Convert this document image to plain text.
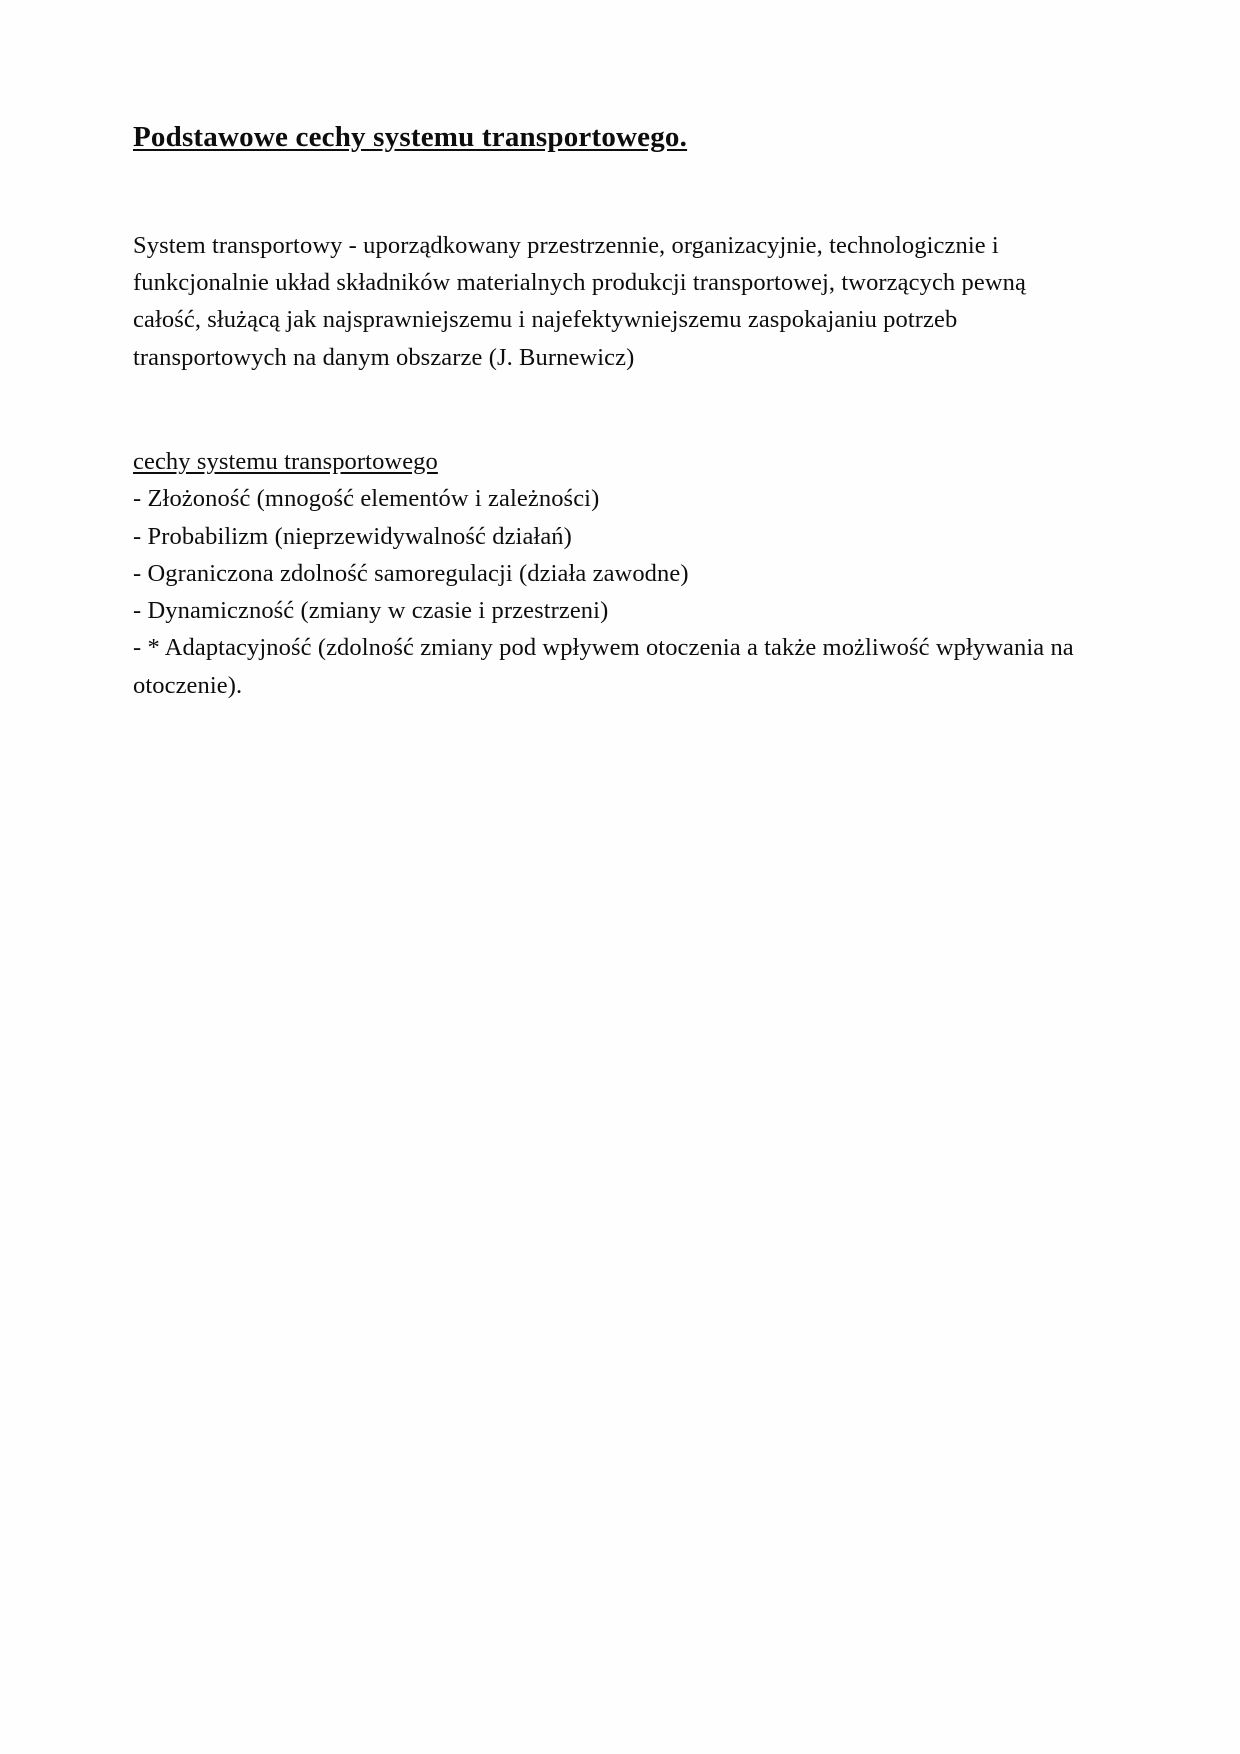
Podstawowe cechy systemu transportowego.

System transportowy - uporządkowany przestrzennie, organizacyjnie, technologicznie i funkcjonalnie układ składników materialnych produkcji transportowej, tworzących pewną całość, służącą jak najsprawniejszemu i najefektywniejszemu zaspokajaniu potrzeb transportowych na danym obszarze (J. Burnewicz)

cechy systemu transportowego
- Złożoność (mnogość elementów i zależności)
- Probabilizm (nieprzewidywalność działań)
- Ograniczona zdolność samoregulacji (działa zawodne)
- Dynamiczność (zmiany w czasie i przestrzeni)
- * Adaptacyjność (zdolność zmiany pod wpływem otoczenia a także możliwość wpływania na otoczenie).
